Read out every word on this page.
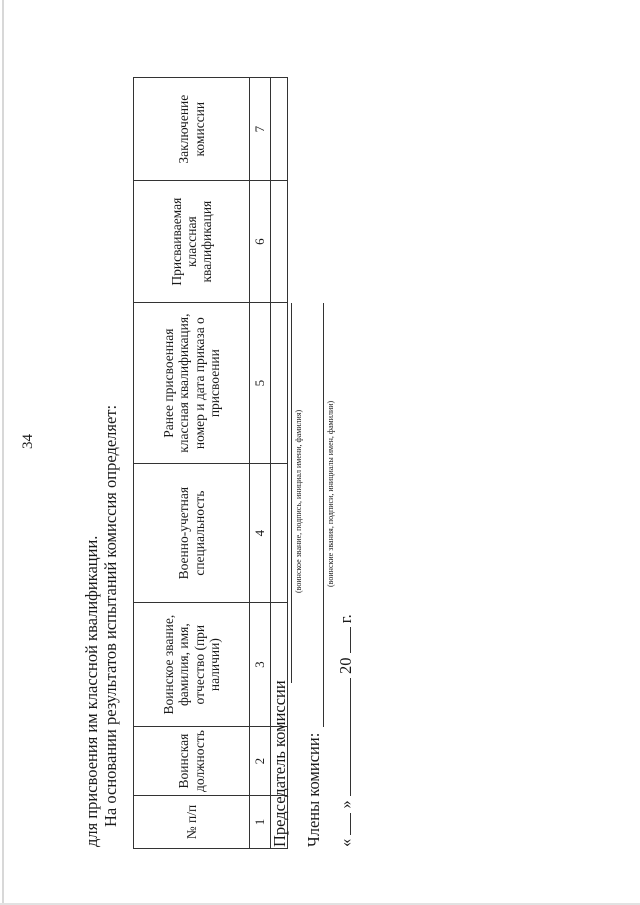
34
для присвоения им классной квалификации. На основании результатов испытаний комиссия определяет:	№ п/п	Воинская должность	Воинское звание, фамилия, имя, отчество (при наличии)	Военно-учетная специальность	Ранее присвоенная классная квалификация, номер и дата приказа о присвоении	Присваиваемая классная квалификация	Заключение комиссии
1	2	3	4	5	6	7

Председатель комиссии
(воинское звание, подпись, инициал имени, фамилия)
Члены комисии:
(воинские звания, подписи, инициалы имен, фамилии)
«  »  20  г.
